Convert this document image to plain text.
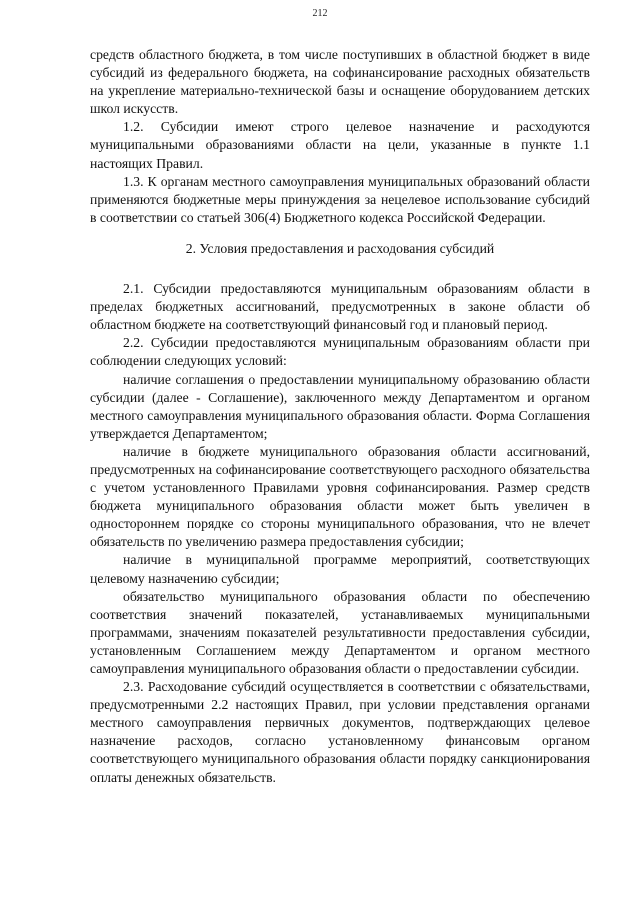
212

средств областного бюджета, в том числе поступивших в областной бюджет в виде субсидий из федерального бюджета, на софинансирование расходных обязательств на укрепление материально-технической базы и оснащение оборудованием детских школ искусств.

1.2. Субсидии имеют строго целевое назначение и расходуются муниципальными образованиями области на цели, указанные в пункте 1.1 настоящих Правил.

1.3. К органам местного самоуправления муниципальных образований области применяются бюджетные меры принуждения за нецелевое использование субсидий в соответствии со статьей 306(4) Бюджетного кодекса Российской Федерации.

2. Условия предоставления и расходования субсидий

2.1. Субсидии предоставляются муниципальным образованиям области в пределах бюджетных ассигнований, предусмотренных в законе области об областном бюджете на соответствующий финансовый год и плановый период.

2.2. Субсидии предоставляются муниципальным образованиям области при соблюдении следующих условий:

наличие соглашения о предоставлении муниципальному образованию области субсидии (далее - Соглашение), заключенного между Департаментом и органом местного самоуправления муниципального образования области. Форма Соглашения утверждается Департаментом;

наличие в бюджете муниципального образования области ассигнований, предусмотренных на софинансирование соответствующего расходного обязательства с учетом установленного Правилами уровня софинансирования. Размер средств бюджета муниципального образования области может быть увеличен в одностороннем порядке со стороны муниципального образования, что не влечет обязательств по увеличению размера предоставления субсидии;

наличие в муниципальной программе мероприятий, соответствующих целевому назначению субсидии;

обязательство муниципального образования области по обеспечению соответствия значений показателей, устанавливаемых муниципальными программами, значениям показателей результативности предоставления субсидии, установленным Соглашением между Департаментом и органом местного самоуправления муниципального образования области о предоставлении субсидии.

2.3. Расходование субсидий осуществляется в соответствии с обязательствами, предусмотренными 2.2 настоящих Правил, при условии представления органами местного самоуправления первичных документов, подтверждающих целевое назначение расходов, согласно установленному финансовым органом соответствующего муниципального образования области порядку санкционирования оплаты денежных обязательств.
